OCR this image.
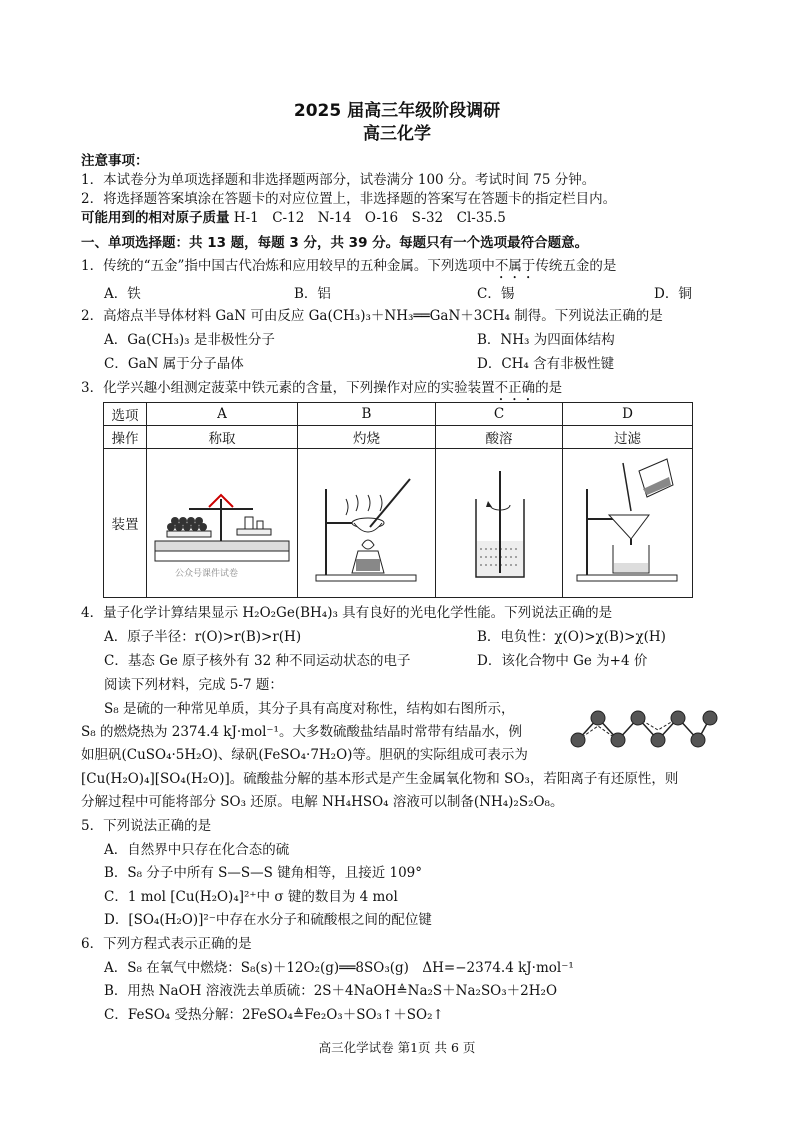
2025 届高三年级阶段调研
高三化学
注意事项：
1．本试卷分为单项选择题和非选择题两部分，试卷满分 100 分。考试时间 75 分钟。
2．将选择题答案填涂在答题卡的对应位置上，非选择题的答案写在答题卡的指定栏目内。
可能用到的相对原子质量 H-1　C-12　N-14　O-16　S-32　Cl-35.5
一、单项选择题：共 13 题，每题 3 分，共 39 分。每题只有一个选项最符合题意。
1．传统的“五金”指中国古代冶炼和应用较早的五种金属。下列选项中不属于传统五金的是
A．铁	B．铝	C．锡	D．铜
2．高熔点半导体材料 GaN 可由反应 Ga(CH₃)₃＋NH₃══GaN＋3CH₄ 制得。下列说法正确的是
A．Ga(CH₃)₃ 是非极性分子	B．NH₃ 为四面体结构
C．GaN 属于分子晶体	D．CH₄ 含有非极性键
3．化学兴趣小组测定菠菜中铁元素的含量，下列操作对应的实验装置不正确的是
选项	A	B	C	D
操作	称取	灼烧	酸溶	过滤
装置	公众号课件试卷

4．量子化学计算结果显示 H₂O₂Ge(BH₄)₃ 具有良好的光电化学性能。下列说法正确的是
A．原子半径：r(O)>r(B)>r(H)	B．电负性：χ(O)>χ(B)>χ(H)
C．基态 Ge 原子核外有 32 种不同运动状态的电子	D．该化合物中 Ge 为+4 价
阅读下列材料，完成 5-7 题：
S₈ 是硫的一种常见单质，其分子具有高度对称性，结构如右图所示，
S₈ 的燃烧热为 2374.4 kJ·mol⁻¹。大多数硫酸盐结晶时常带有结晶水，例
如胆矾(CuSO₄·5H₂O)、绿矾(FeSO₄·7H₂O)等。胆矾的实际组成可表示为
[Cu(H₂O)₄][SO₄(H₂O)]。硫酸盐分解的基本形式是产生金属氧化物和 SO₃，若阳离子有还原性，则
分解过程中可能将部分 SO₃ 还原。电解 NH₄HSO₄ 溶液可以制备(NH₄)₂S₂O₈。
5．下列说法正确的是
A．自然界中只存在化合态的硫
B．S₈ 分子中所有 S—S—S 键角相等，且接近 109°
C．1 mol [Cu(H₂O)₄]²⁺中 σ 键的数目为 4 mol
D．[SO₄(H₂O)]²⁻中存在水分子和硫酸根之间的配位键
6．下列方程式表示正确的是
A．S₈ 在氧气中燃烧：S₈(s)＋12O₂(g)══8SO₃(g)　ΔH=−2374.4 kJ·mol⁻¹
B．用热 NaOH 溶液洗去单质硫：2S＋4NaOH≜Na₂S＋Na₂SO₃＋2H₂O
C．FeSO₄ 受热分解：2FeSO₄≜Fe₂O₃＋SO₃↑＋SO₂↑
高三化学试卷 第1页 共 6 页
